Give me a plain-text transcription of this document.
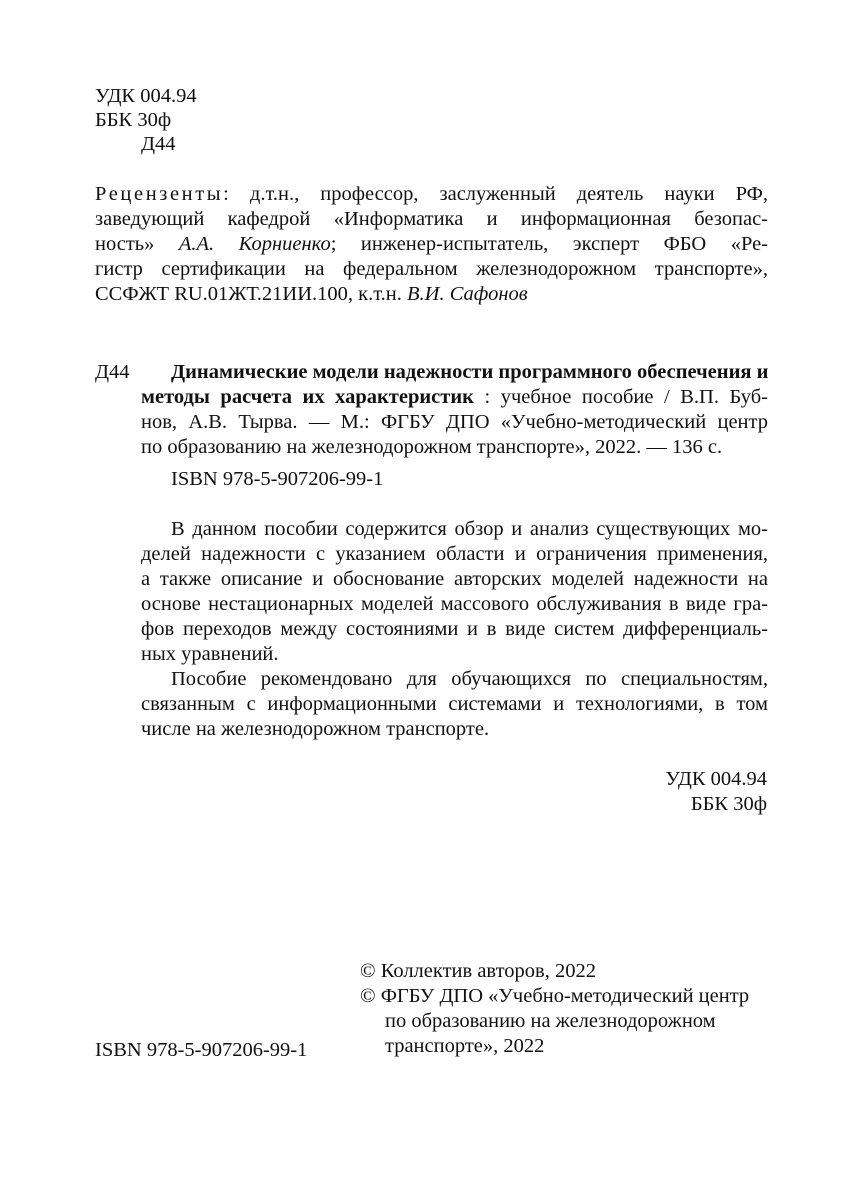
УДК 004.94
ББК 30ф
Д44
Рецензенты: д.т.н., профессор, заслуженный деятель науки РФ,
заведующий кафедрой «Информатика и информационная безопас-
ность» А.А. Корниенко; инженер-испытатель, эксперт ФБО «Ре-
гистр сертификации на федеральном железнодорожном транспорте»,
ССФЖТ RU.01ЖТ.21ИИ.100, к.т.н. В.И. Сафонов
Д44 Динамические модели надежности программного обеспечения и
методы расчета их характеристик : учебное пособие / В.П. Буб-
нов, А.В. Тырва. — М.: ФГБУ ДПО «Учебно-методический центр
по образованию на железнодорожном транспорте», 2022. — 136 с.
ISBN 978-5-907206-99-1
В данном пособии содержится обзор и анализ существующих мо-
делей надежности с указанием области и ограничения применения,
а также описание и обоснование авторских моделей надежности на
основе нестационарных моделей массового обслуживания в виде гра-
фов переходов между состояниями и в виде систем дифференциаль-
ных уравнений.
Пособие рекомендовано для обучающихся по специальностям,
связанным с информационными системами и технологиями, в том
числе на железнодорожном транспорте.
УДК 004.94
ББК 30ф
© Коллектив авторов, 2022
© ФГБУ ДПО «Учебно-методический центр
по образованию на железнодорожном
транспорте», 2022
ISBN 978-5-907206-99-1
